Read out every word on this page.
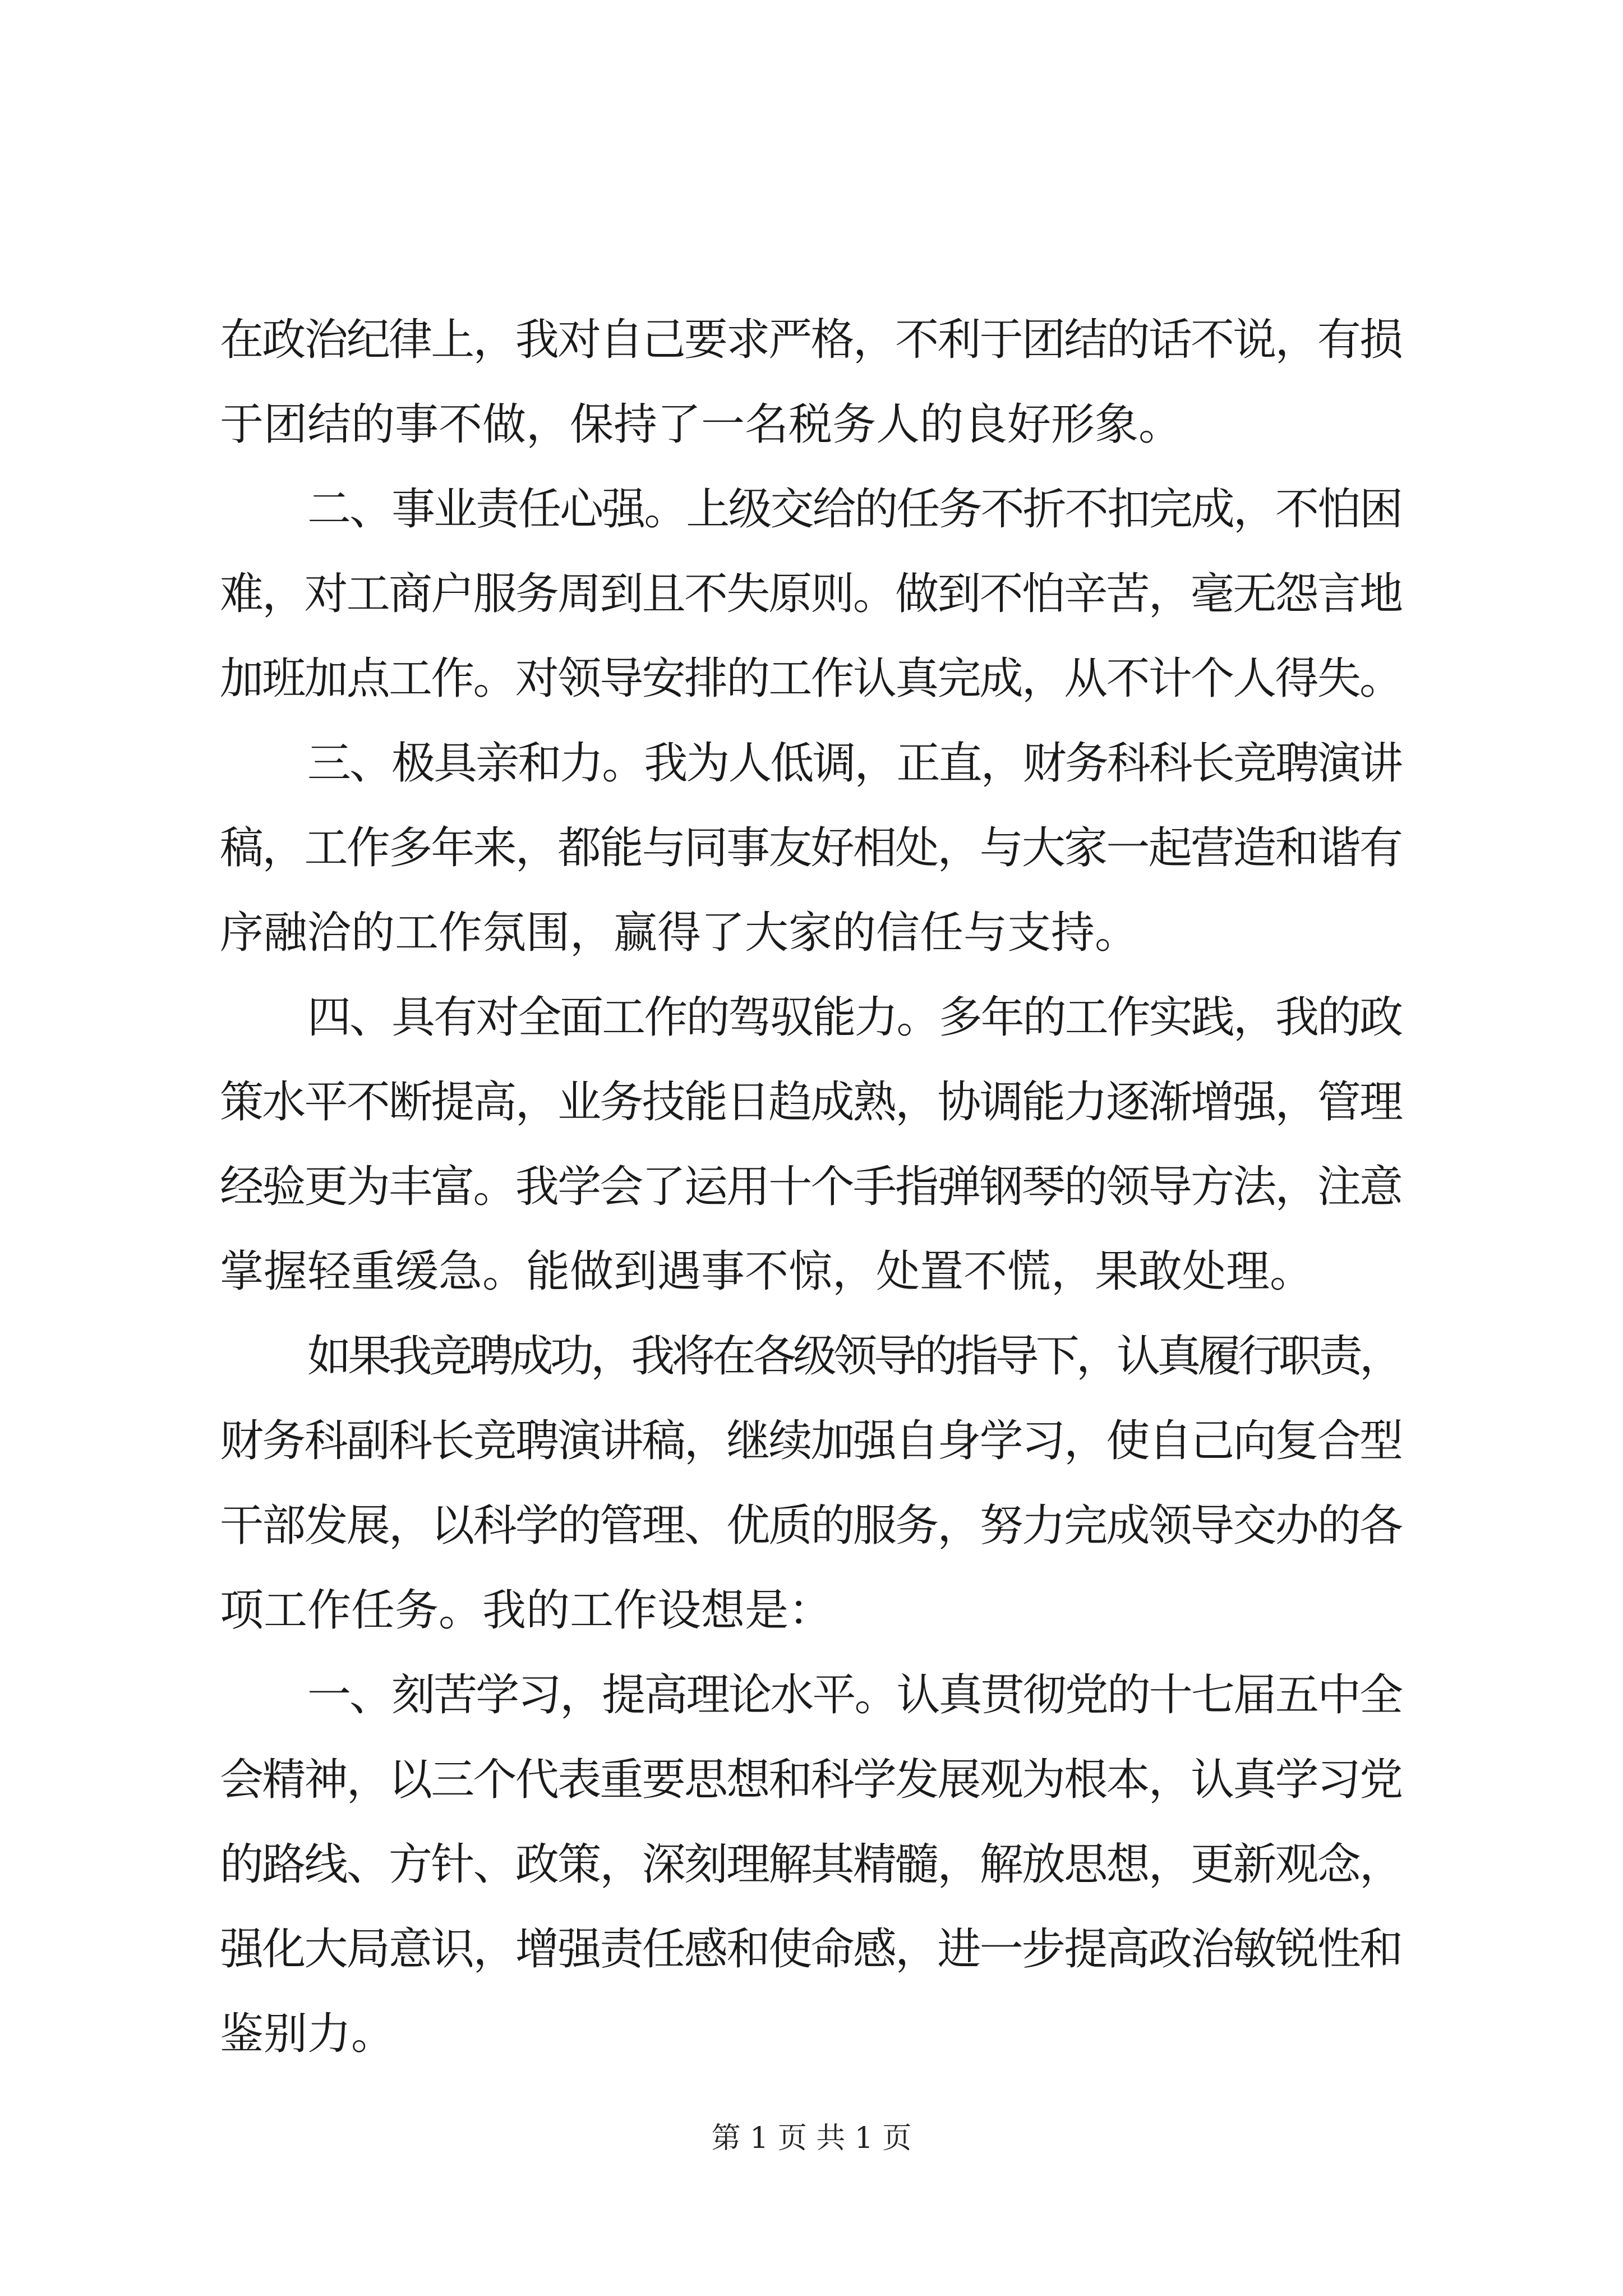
在政治纪律上，我对自己要求严格，不利于团结的话不说，有损
于团结的事不做，保持了一名税务人的良好形象。
二、事业责任心强。上级交给的任务不折不扣完成，不怕困
难，对工商户服务周到且不失原则。做到不怕辛苦，毫无怨言地
加班加点工作。对领导安排的工作认真完成，从不计个人得失。
三、极具亲和力。我为人低调，正直，财务科科长竞聘演讲
稿，工作多年来，都能与同事友好相处，与大家一起营造和谐有
序融洽的工作氛围，赢得了大家的信任与支持。
四、具有对全面工作的驾驭能力。多年的工作实践，我的政
策水平不断提高，业务技能日趋成熟，协调能力逐渐增强，管理
经验更为丰富。我学会了运用十个手指弹钢琴的领导方法，注意
掌握轻重缓急。能做到遇事不惊，处置不慌，果敢处理。
如果我竞聘成功，我将在各级领导的指导下，认真履行职责，
财务科副科长竞聘演讲稿，继续加强自身学习，使自己向复合型
干部发展，以科学的管理、优质的服务，努力完成领导交办的各
项工作任务。我的工作设想是：
一、刻苦学习，提高理论水平。认真贯彻党的十七届五中全
会精神，以三个代表重要思想和科学发展观为根本，认真学习党
的路线、方针、政策，深刻理解其精髓，解放思想，更新观念，
强化大局意识，增强责任感和使命感，进一步提高政治敏锐性和
鉴别力。
第 1 页 共 1 页
